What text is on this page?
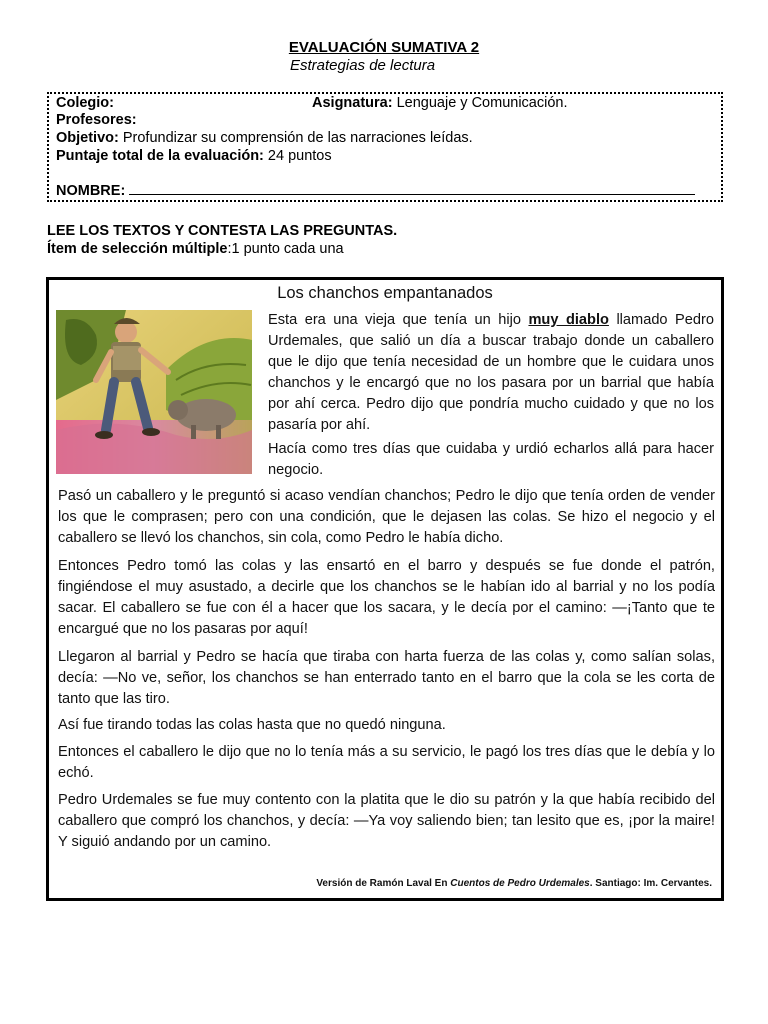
EVALUACIÓN SUMATIVA 2
Estrategias de lectura
Colegio:	Asignatura: Lenguaje y Comunicación.
Profesores:
Objetivo: Profundizar su comprensión de las narraciones leídas.
Puntaje total de la evaluación: 24 puntos
NOMBRE:
LEE LOS TEXTOS Y CONTESTA LAS PREGUNTAS.
Ítem de selección múltiple:1 punto cada una
Los chanchos empantanados

Esta era una vieja que tenía un hijo muy diablo llamado Pedro Urdemales, que salió un día a buscar trabajo donde un caballero que le dijo que tenía necesidad de un hombre que le cuidara unos chanchos y le encargó que no los pasara por un barrial que había por ahí cerca. Pedro dijo que pondría mucho cuidado y que no los pasaría por ahí.

Hacía como tres días que cuidaba y urdió echarlos allá para hacer negocio.

Pasó un caballero y le preguntó si acaso vendían chanchos; Pedro le dijo que tenía orden de vender los que le comprasen; pero con una condición, que le dejasen las colas. Se hizo el negocio y el caballero se llevó los chanchos, sin cola, como Pedro le había dicho.

Entonces Pedro tomó las colas y las ensartó en el barro y después se fue donde el patrón, fingiéndose el muy asustado, a decirle que los chanchos se le habían ido al barrial y no los podía sacar. El caballero se fue con él a hacer que los sacara, y le decía por el camino: —¡Tanto que te encargué que no los pasaras por aquí!

Llegaron al barrial y Pedro se hacía que tiraba con harta fuerza de las colas y, como salían solas, decía: —No ve, señor, los chanchos se han enterrado tanto en el barro que la cola se les corta de tanto que las tiro.

Así fue tirando todas las colas hasta que no quedó ninguna.

Entonces el caballero le dijo que no lo tenía más a su servicio, le pagó los tres días que le debía y lo echó.

Pedro Urdemales se fue muy contento con la platita que le dio su patrón y la que había recibido del caballero que compró los chanchos, y decía: —Ya voy saliendo bien; tan lesito que es, ¡por la maire! Y siguió andando por un camino.

Versión de Ramón Laval En Cuentos de Pedro Urdemales. Santiago: Im. Cervantes.
